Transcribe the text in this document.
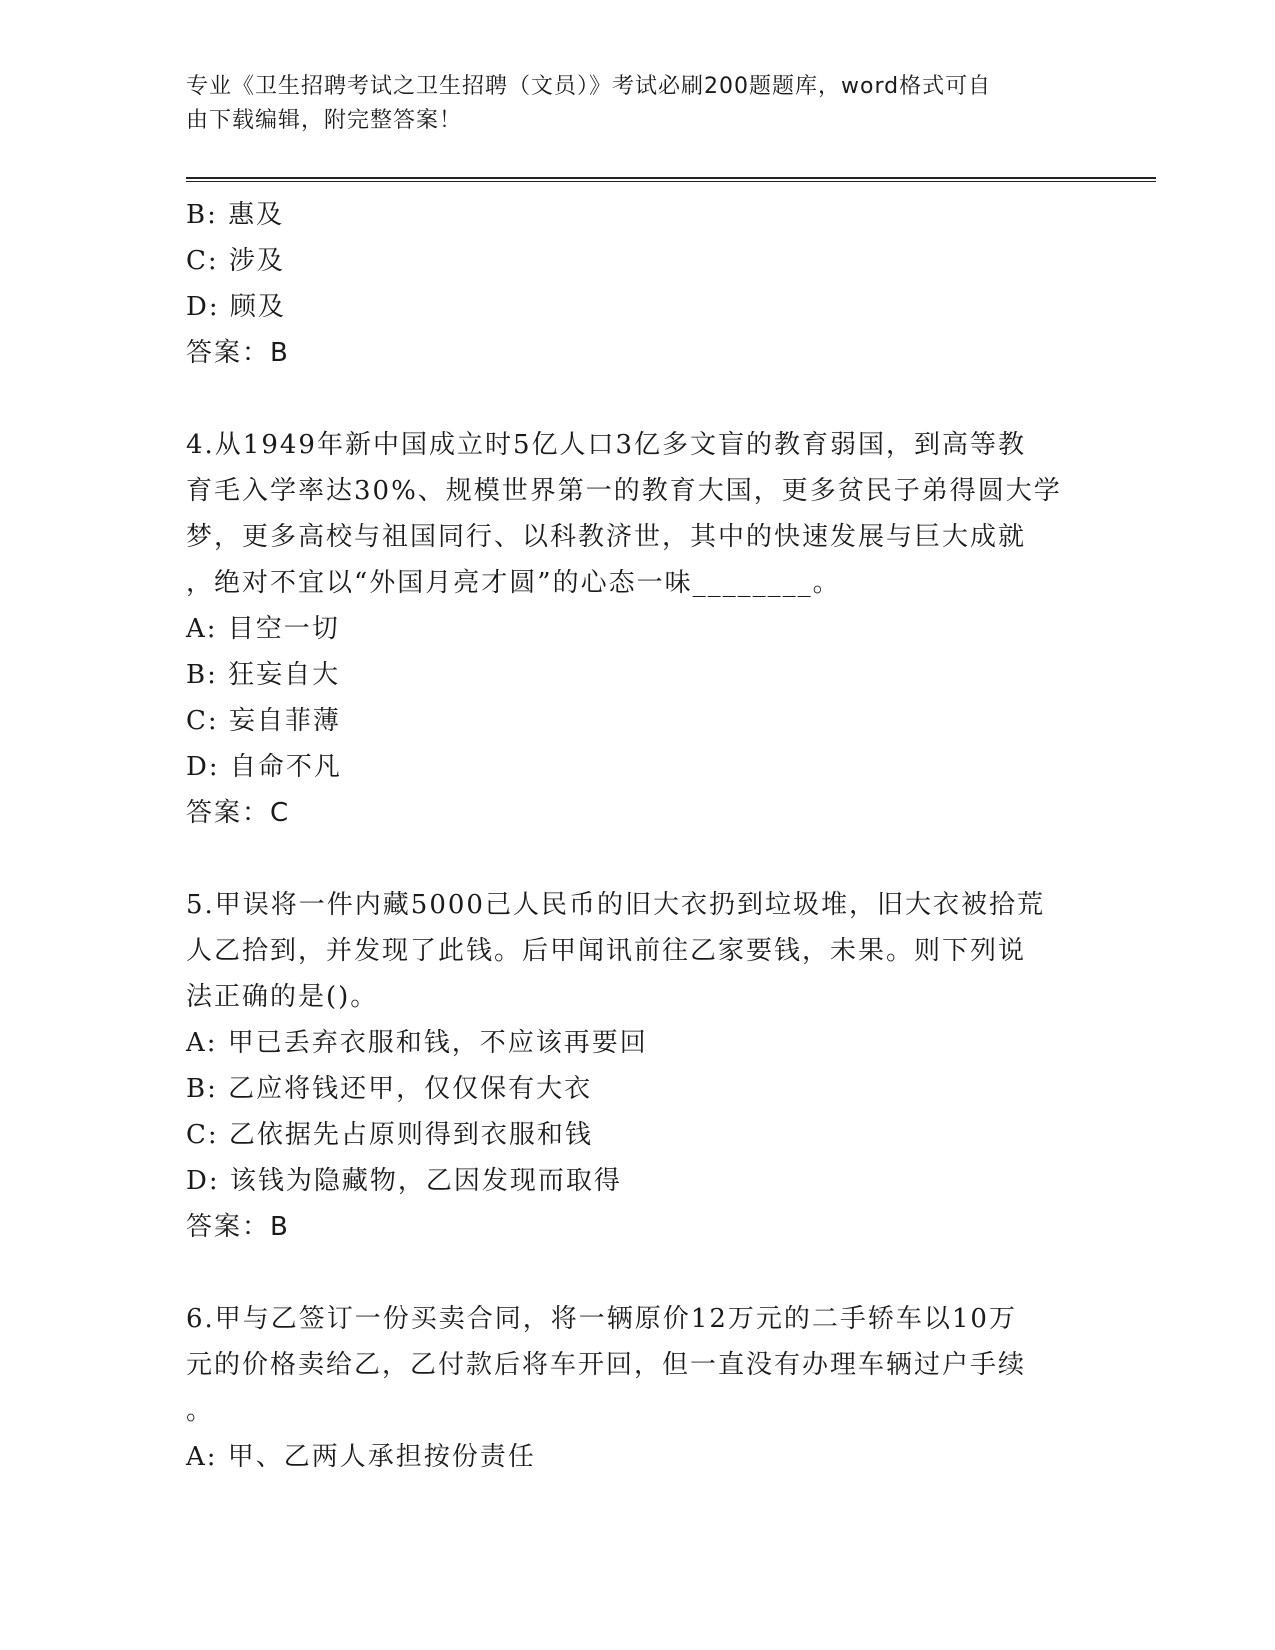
专业《卫生招聘考试之卫生招聘（文员）》考试必刷200题题库，word格式可自
由下载编辑，附完整答案！
B: 惠及
C: 涉及
D: 顾及
答案：B
4.从1949年新中国成立时5亿人口3亿多文盲的教育弱国，到高等教
育毛入学率达30%、规模世界第一的教育大国，更多贫民子弟得圆大学
梦，更多高校与祖国同行、以科教济世，其中的快速发展与巨大成就
，绝对不宜以“外国月亮才圆”的心态一味________。
A: 目空一切
B: 狂妄自大
C: 妄自菲薄
D: 自命不凡
答案：C
5.甲误将一件内藏5000己人民币的旧大衣扔到垃圾堆，旧大衣被拾荒
人乙拾到，并发现了此钱。后甲闻讯前往乙家要钱，未果。则下列说
法正确的是()。
A: 甲已丢弃衣服和钱，不应该再要回
B: 乙应将钱还甲，仅仅保有大衣
C: 乙依据先占原则得到衣服和钱
D: 该钱为隐藏物，乙因发现而取得
答案：B
6.甲与乙签订一份买卖合同，将一辆原价12万元的二手轿车以10万
元的价格卖给乙，乙付款后将车开回，但一直没有办理车辆过户手续
。
A: 甲、乙两人承担按份责任
